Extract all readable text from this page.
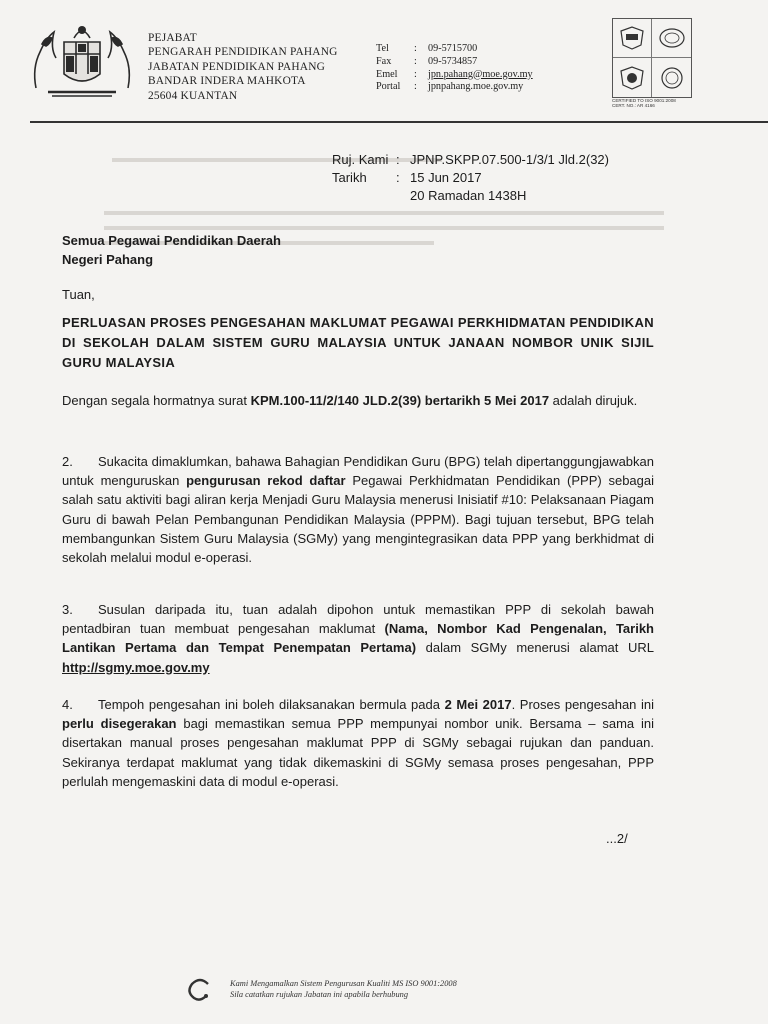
PEJABAT
PENGARAH PENDIDIKAN PAHANG
JABATAN PENDIDIKAN PAHANG
BANDAR INDERA MAHKOTA
25604 KUANTAN
Tel	:	09-5715700
Fax	:	09-5734857
Emel	:	jpn.pahang@moe.gov.my
Portal	:	jpnpahang.moe.gov.my
CERTIFIED TO ISO 9001:2008
CERT. NO.: AR 4166
Ruj. Kami : JPNP.SKPP.07.500-1/3/1 Jld.2(32)
Tarikh	: 15 Jun 2017
20 Ramadan 1438H
Semua Pegawai Pendidikan Daerah
Negeri Pahang
Tuan,
PERLUASAN PROSES PENGESAHAN MAKLUMAT PEGAWAI PERKHIDMATAN PENDIDIKAN DI SEKOLAH DALAM SISTEM GURU MALAYSIA UNTUK JANAAN NOMBOR UNIK SIJIL GURU MALAYSIA
Dengan segala hormatnya surat KPM.100-11/2/140 JLD.2(39) bertarikh 5 Mei 2017 adalah dirujuk.
2. Sukacita dimaklumkan, bahawa Bahagian Pendidikan Guru (BPG) telah dipertanggungjawabkan untuk menguruskan pengurusan rekod daftar Pegawai Perkhidmatan Pendidikan (PPP) sebagai salah satu aktiviti bagi aliran kerja Menjadi Guru Malaysia menerusi Inisiatif #10: Pelaksanaan Piagam Guru di bawah Pelan Pembangunan Pendidikan Malaysia (PPPM). Bagi tujuan tersebut, BPG telah membangunkan Sistem Guru Malaysia (SGMy) yang mengintegrasikan data PPP yang berkhidmat di sekolah melalui modul e-operasi.
3. Susulan daripada itu, tuan adalah dipohon untuk memastikan PPP di sekolah bawah pentadbiran tuan membuat pengesahan maklumat (Nama, Nombor Kad Pengenalan, Tarikh Lantikan Pertama dan Tempat Penempatan Pertama) dalam SGMy menerusi alamat URL http://sgmy.moe.gov.my
4. Tempoh pengesahan ini boleh dilaksanakan bermula pada 2 Mei 2017. Proses pengesahan ini perlu disegerakan bagi memastikan semua PPP mempunyai nombor unik. Bersama – sama ini disertakan manual proses pengesahan maklumat PPP di SGMy sebagai rujukan dan panduan. Sekiranya terdapat maklumat yang tidak dikemaskini di SGMy semasa proses pengesahan, PPP perlulah mengemaskini data di modul e-operasi.
...2/
Kami Mengamalkan Sistem Pengurusan Kualiti MS ISO 9001:2008
Sila catatkan rujukan Jabatan ini apabila berhubung
